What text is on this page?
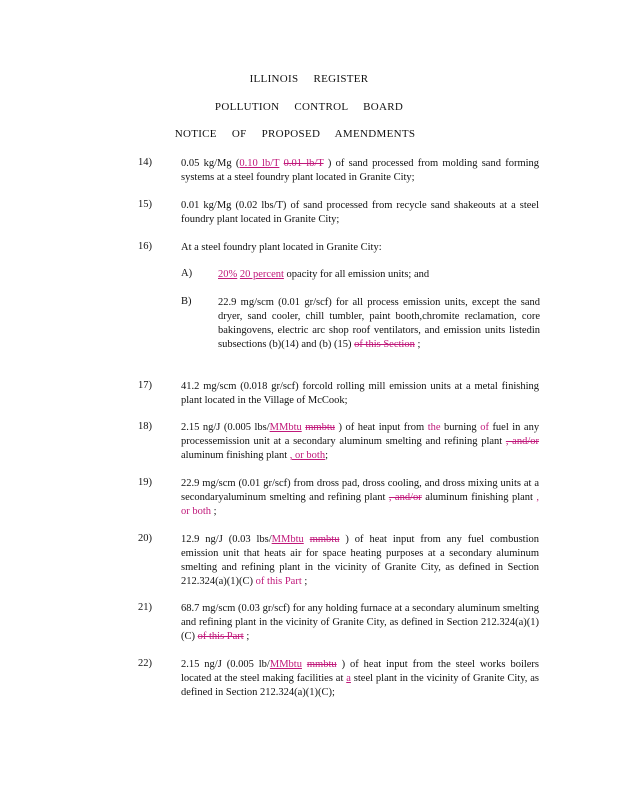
ILLINOIS REGISTER
POLLUTION CONTROL BOARD
NOTICE OF PROPOSED AMENDMENTS
14)	0.05 kg/Mg (0.10 lb/T 0.01 lb/T ) of sand processed from molding sand forming systems at a steel foundry plant located in Granite City;
15)	0.01 kg/Mg (0.02 lbs/T) of sand processed from recycle sand shakeouts at a steel foundry plant located in Granite City;
16)	At a steel foundry plant located in Granite City:
A) 20% 20 percent opacity for all emission units; and
B)	22.9 mg/scm (0.01 gr/scf) for all process emission units, except the sand dryer, sand cooler, chill tumbler, paint booth,chromite reclamation, core bakingovens, electric arc shop roof ventilators, and emission units listedin subsections (b)(14) and (b) (15) of this Section ;
17)	41.2 mg/scm (0.018 gr/scf) forcold rolling mill emission units at a metal finishing plant located in the Village of McCook;
18)	2.15 ng/J (0.005 lbs/MMbtu mmbtu ) of heat input from the burning of fuel in any processemission unit at a secondary aluminum smelting and refining plant , and/or aluminum finishing plant , or both;
19)	22.9 mg/scm (0.01 gr/scf) from dross pad, dross cooling, and dross mixing units at a secondaryaluminum smelting and refining plant , and/or aluminum finishing plant , or both ;
20)	12.9 ng/J (0.03 lbs/MMbtu mmbtu ) of heat input from any fuel combustion emission unit that heats air for space heating purposes at a secondary aluminum smelting and refining plant in the vicinity of Granite City, as defined in Section 212.324(a)(1)(C) of this Part ;
21)	68.7 mg/scm (0.03 gr/scf) for any holding furnace at a secondary aluminum smelting and refining plant in the vicinity of Granite City, as defined in Section 212.324(a)(1)(C) of this Part ;
22)	2.15 ng/J (0.005 lb/MMbtu mmbtu ) of heat input from the steel works boilers located at the steel making facilities at a steel plant in the vicinity of Granite City, as defined in Section 212.324(a)(1)(C);
